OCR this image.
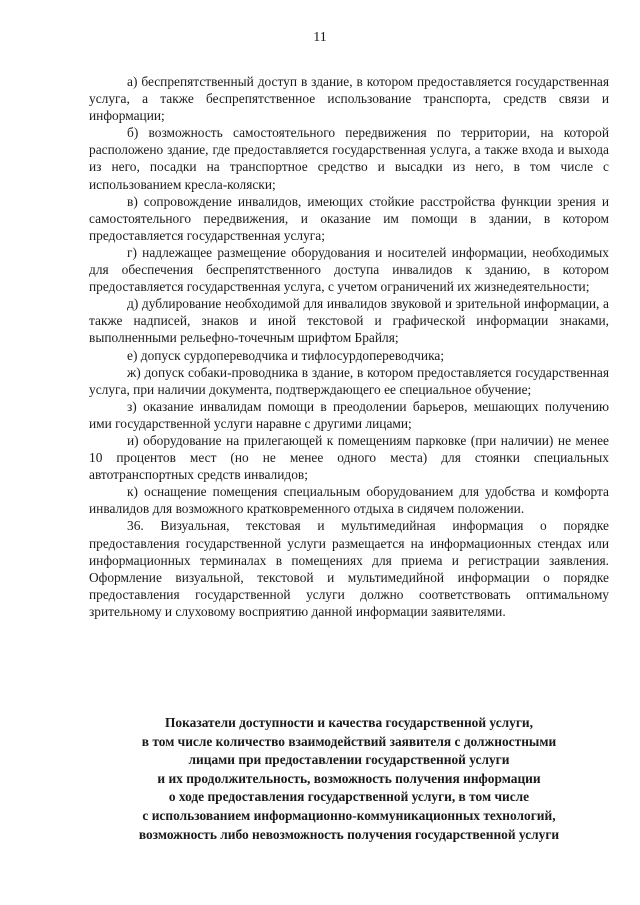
11

а) беспрепятственный доступ в здание, в котором предоставляется государственная услуга, а также беспрепятственное использование транспорта, средств связи и информации;

б) возможность самостоятельного передвижения по территории, на которой расположено здание, где предоставляется государственная услуга, а также входа и выхода из него, посадки на транспортное средство и высадки из него, в том числе с использованием кресла-коляски;

в) сопровождение инвалидов, имеющих стойкие расстройства функции зрения и самостоятельного передвижения, и оказание им помощи в здании, в котором предоставляется государственная услуга;

г) надлежащее размещение оборудования и носителей информации, необходимых для обеспечения беспрепятственного доступа инвалидов к зданию, в котором предоставляется государственная услуга, с учетом ограничений их жизнедеятельности;

д) дублирование необходимой для инвалидов звуковой и зрительной информации, а также надписей, знаков и иной текстовой и графической информации знаками, выполненными рельефно-точечным шрифтом Брайля;

е) допуск сурдопереводчика и тифлосурдопереводчика;

ж) допуск собаки-проводника в здание, в котором предоставляется государственная услуга, при наличии документа, подтверждающего ее специальное обучение;

з) оказание инвалидам помощи в преодолении барьеров, мешающих получению ими государственной услуги наравне с другими лицами;

и) оборудование на прилегающей к помещениям парковке (при наличии) не менее 10 процентов мест (но не менее одного места) для стоянки специальных автотранспортных средств инвалидов;

к) оснащение помещения специальным оборудованием для удобства и комфорта инвалидов для возможного кратковременного отдыха в сидячем положении.

36. Визуальная, текстовая и мультимедийная информация о порядке предоставления государственной услуги размещается на информационных стендах или информационных терминалах в помещениях для приема и регистрации заявления. Оформление визуальной, текстовой и мультимедийной информации о порядке предоставления государственной услуги должно соответствовать оптимальному зрительному и слуховому восприятию данной информации заявителями.

Показатели доступности и качества государственной услуги,
в том числе количество взаимодействий заявителя с должностными
лицами при предоставлении государственной услуги
и их продолжительность, возможность получения информации
о ходе предоставления государственной услуги, в том числе
с использованием информационно-коммуникационных технологий,
возможность либо невозможность получения государственной услуги
